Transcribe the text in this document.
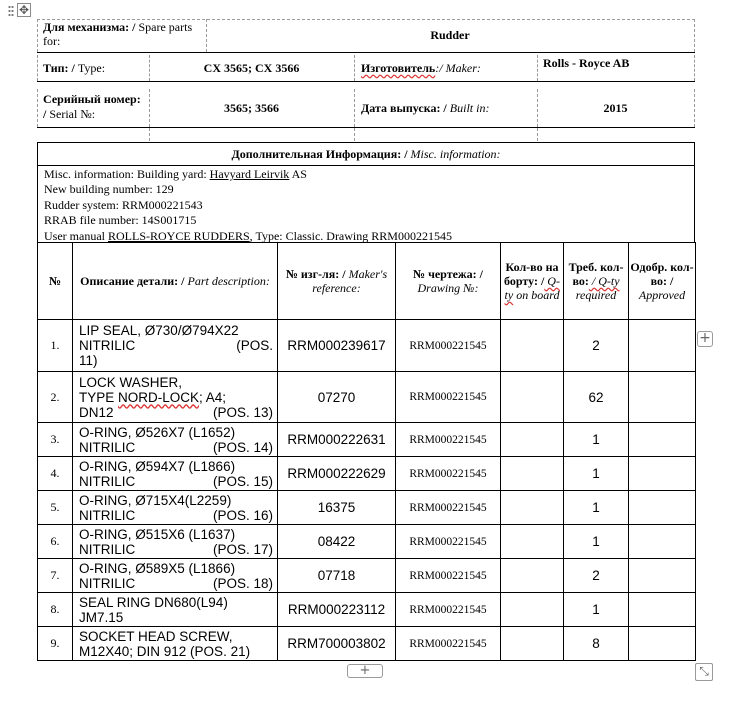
✥
Для механизма: / Spare parts for:	Rudder
Тип: / Type:	CX 3565; CX 3566	Изготовитель:/ Maker:	Rolls - Royce AB
Серийный номер: / Serial №:	3565; 3566	Дата выпуска: / Built in:	2015
Дополнительная Информация: / Misc. information:
Misc. information: Building yard: Havyard Leirvik AS
New building number: 129
Rudder system: RRM000221543
RRAB file number: 14S001715
User manual ROLLS-ROYCE RUDDERS, Type: Classic. Drawing RRM000221545
№	Описание детали: / Part description:	№ изг-ля: / Maker's reference:	№ чертежа: / Drawing №:	Кол-во на борту: / Q-ty on board	Треб. кол-во: / Q-ty required	Одобр. кол-во: / Approved
1.	LIP SEAL, Ø730/Ø794X22
NITRILIC (POS.
11)	RRM000239617	RRM000221545		2	
2.	LOCK WASHER,
TYPE NORD-LOCK; A4;
DN12 (POS. 13)	07270	RRM000221545		62	
3.	O-RING, Ø526X7 (L1652)
NITRILIC (POS. 14)	RRM000222631	RRM000221545		1	
4.	O-RING, Ø594X7 (L1866)
NITRILIC (POS. 15)	RRM000222629	RRM000221545		1	
5.	O-RING, Ø715X4(L2259)
NITRILIC (POS. 16)	16375	RRM000221545		1	
6.	O-RING, Ø515X6 (L1637)
NITRILIC (POS. 17)	08422	RRM000221545		1	
7.	O-RING, Ø589X5 (L1866)
NITRILIC (POS. 18)	07718	RRM000221545		2	
8.	SEAL RING DN680(L94)
JM7.15	RRM000223112	RRM000221545		1	
9.	SOCKET HEAD SCREW,
M12X40; DIN 912 (POS. 21)	RRM700003802	RRM000221545		8	
+
+	⤡
